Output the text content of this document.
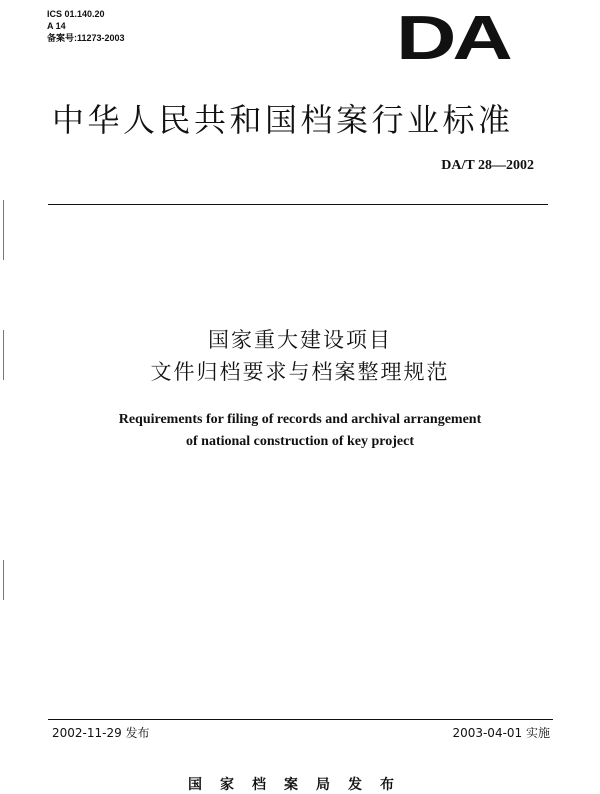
ICS 01.140.20
A 14
备案号:11273-2003	DA
中华人民共和国档案行业标准
DA/T 28—2002
国家重大建设项目
文件归档要求与档案整理规范
Requirements for filing of records and archival arrangement
of national construction of key project
2002-11-29 发布	2003-04-01 实施
国家档案局发布
